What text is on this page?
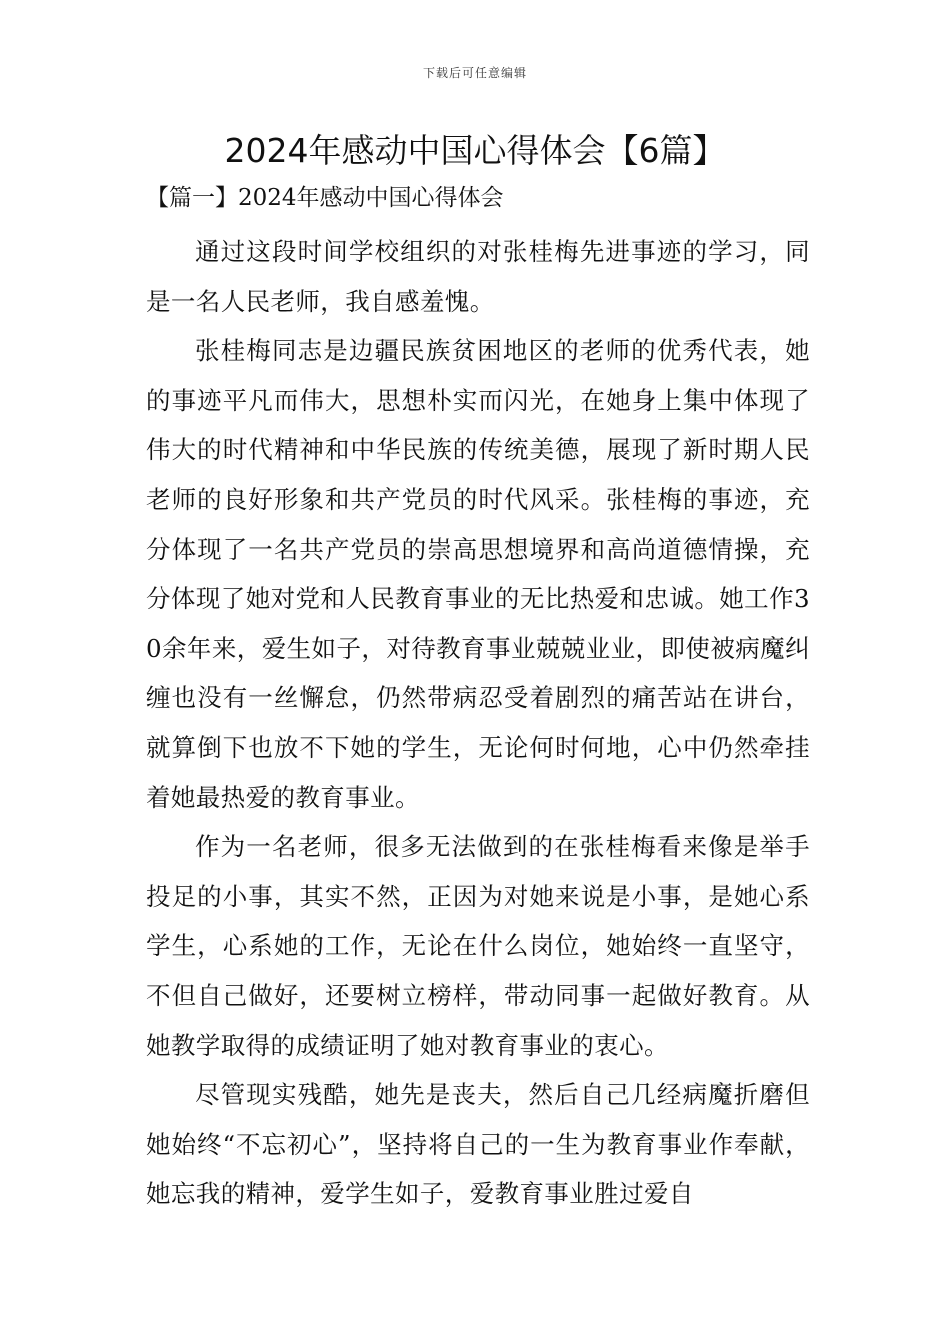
下载后可任意编辑
2024年感动中国心得体会【6篇】
【篇一】2024年感动中国心得体会

通过这段时间学校组织的对张桂梅先进事迹的学习，同是一名人民老师，我自感羞愧。

张桂梅同志是边疆民族贫困地区的老师的优秀代表，她的事迹平凡而伟大，思想朴实而闪光，在她身上集中体现了伟大的时代精神和中华民族的传统美德，展现了新时期人民老师的良好形象和共产党员的时代风采。张桂梅的事迹，充分体现了一名共产党员的崇高思想境界和高尚道德情操，充分体现了她对党和人民教育事业的无比热爱和忠诚。她工作30余年来，爱生如子，对待教育事业兢兢业业，即使被病魔纠缠也没有一丝懈怠，仍然带病忍受着剧烈的痛苦站在讲台，就算倒下也放不下她的学生，无论何时何地，心中仍然牵挂着她最热爱的教育事业。

作为一名老师，很多无法做到的在张桂梅看来像是举手投足的小事，其实不然，正因为对她来说是小事，是她心系学生，心系她的工作，无论在什么岗位，她始终一直坚守，不但自己做好，还要树立榜样，带动同事一起做好教育。从她教学取得的成绩证明了她对教育事业的衷心。

尽管现实残酷，她先是丧夫，然后自己几经病魔折磨但她始终“不忘初心”，坚持将自己的一生为教育事业作奉献，她忘我的精神，爱学生如子，爱教育事业胜过爱自
